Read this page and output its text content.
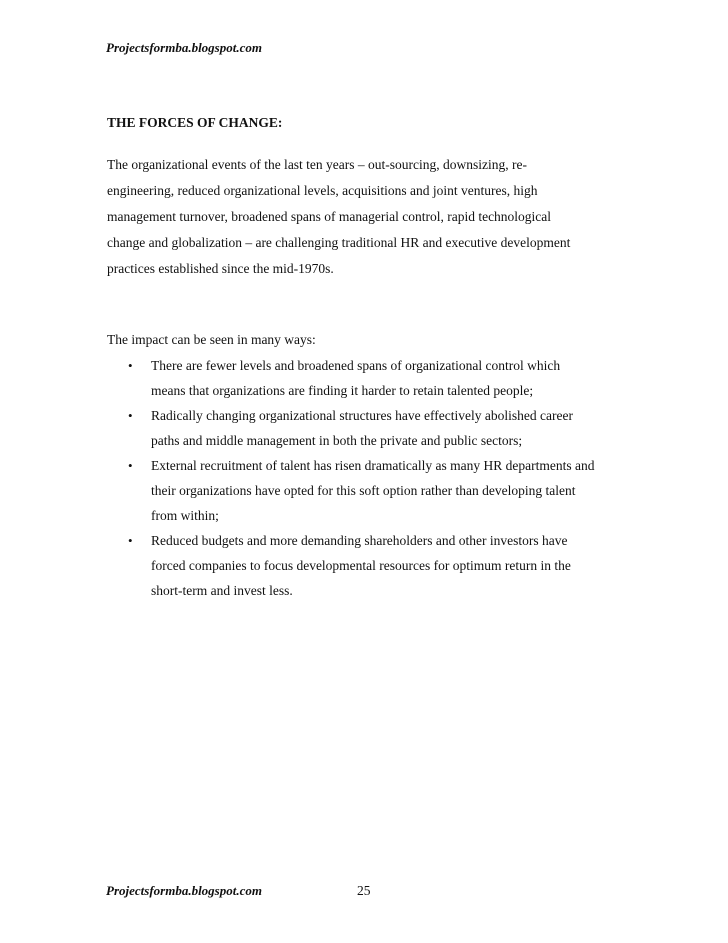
Projectsformba.blogspot.com
THE FORCES OF CHANGE:
The organizational events of the last ten years – out-sourcing, downsizing, re-
engineering, reduced organizational levels, acquisitions and joint ventures, high
management turnover, broadened spans of managerial control, rapid technological
change and globalization – are challenging traditional HR and executive development
practices established since the mid-1970s.
The impact can be seen in many ways:
• There are fewer levels and broadened spans of organizational control which
means that organizations are finding it harder to retain talented people;
• Radically changing organizational structures have effectively abolished career
paths and middle management in both the private and public sectors;
• External recruitment of talent has risen dramatically as many HR departments and
their organizations have opted for this soft option rather than developing talent
from within;
• Reduced budgets and more demanding shareholders and other investors have
forced companies to focus developmental resources for optimum return in the
short-term and invest less.
Projectsformba.blogspot.com	25
